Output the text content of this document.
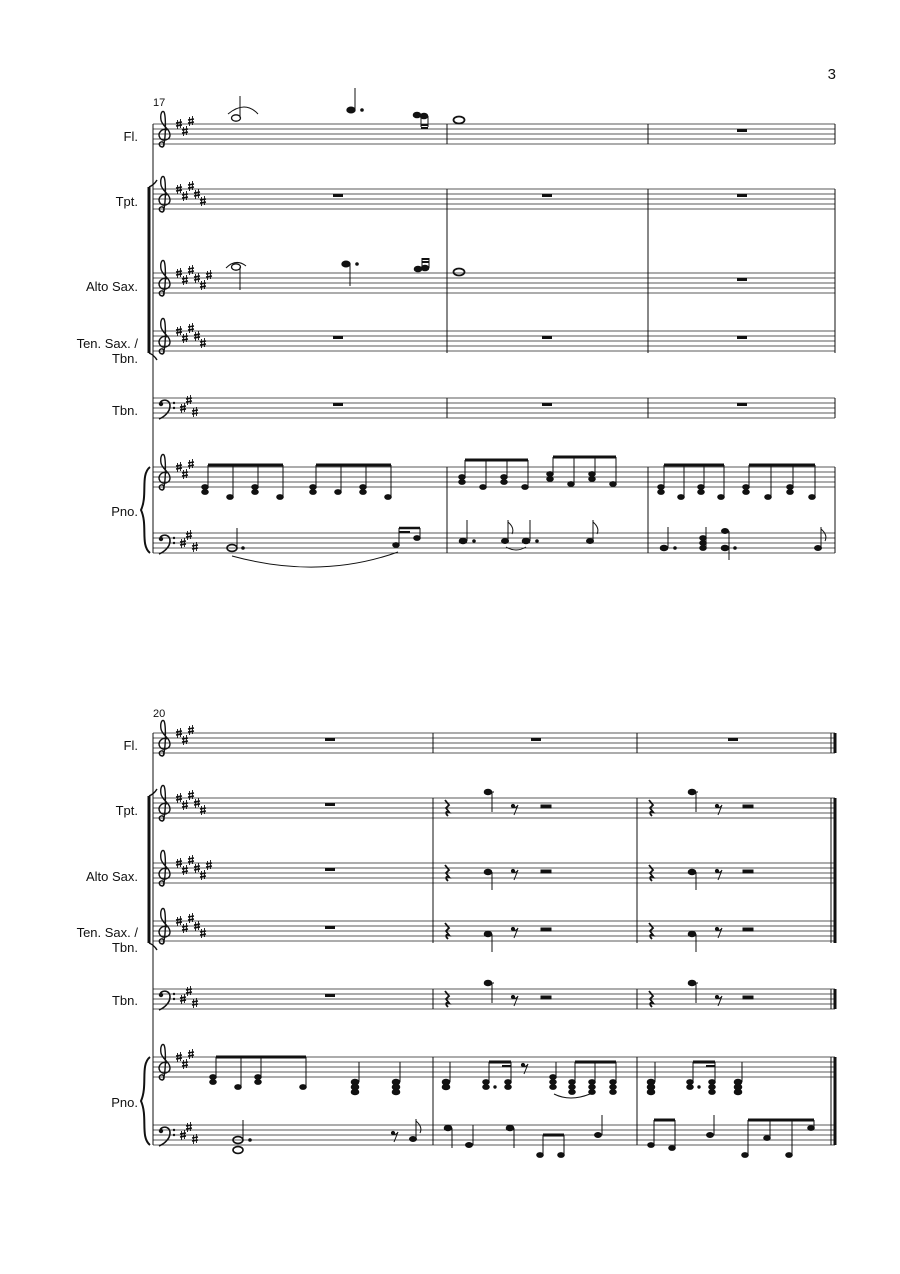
3
17
Fl.
Tpt.
Alto Sax.
Ten. Sax. /
Tbn.
Tbn.
Pno.
20
Fl.
Tpt.
Alto Sax.
Ten. Sax. /
Tbn.
Tbn.
Pno.
